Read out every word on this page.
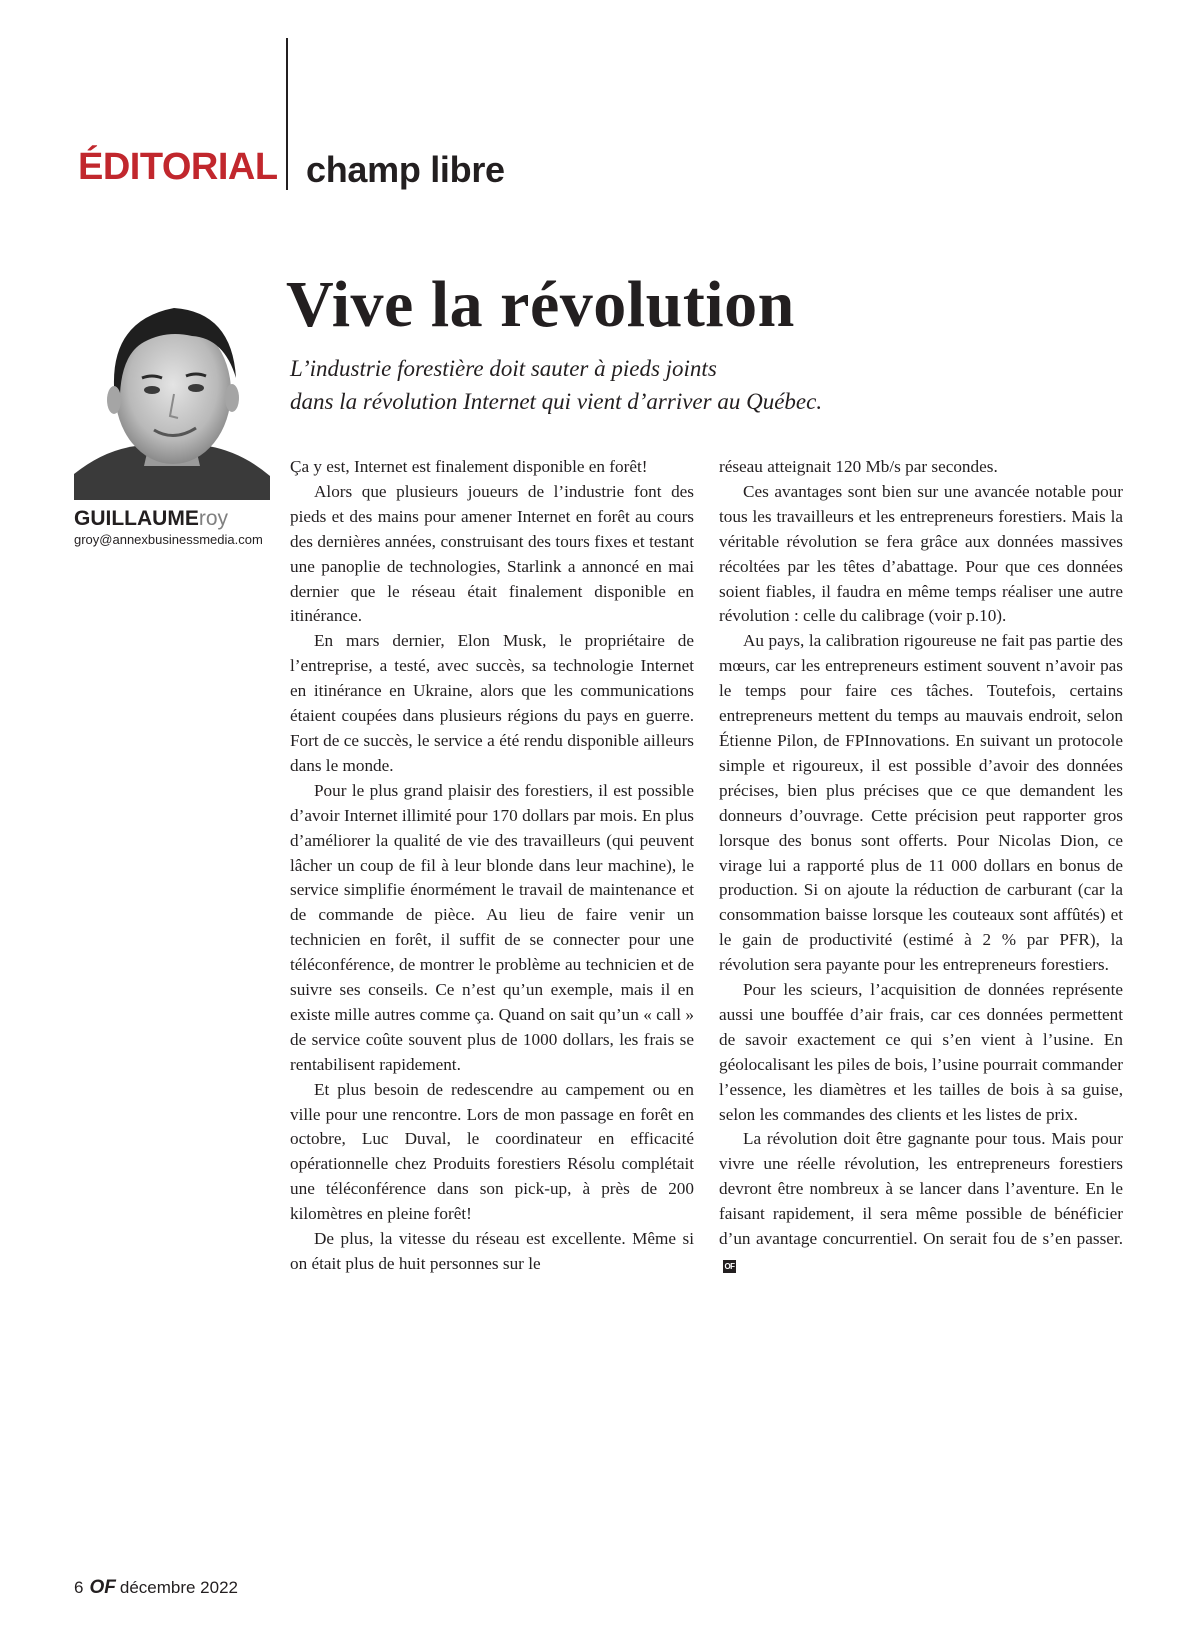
ÉDITORIAL champ libre
Vive la révolution

L’industrie forestière doit sauter à pieds joints
dans la révolution Internet qui vient d’arriver au Québec.

GUILLAUMEroy
groy@annexbusinessmedia.com

Ça y est, Internet est finalement disponible en forêt!

Alors que plusieurs joueurs de l’industrie font des pieds et des mains pour amener Internet en forêt au cours des dernières années, construisant des tours fixes et testant une panoplie de technologies, Starlink a annoncé en mai dernier que le réseau était finalement disponible en itinérance.

En mars dernier, Elon Musk, le propriétaire de l’entreprise, a testé, avec succès, sa technologie Internet en itinérance en Ukraine, alors que les communications étaient coupées dans plusieurs régions du pays en guerre. Fort de ce succès, le service a été rendu disponible ailleurs dans le monde.

Pour le plus grand plaisir des forestiers, il est possible d’avoir Internet illimité pour 170 dollars par mois. En plus d’améliorer la qualité de vie des travailleurs (qui peuvent lâcher un coup de fil à leur blonde dans leur machine), le service simplifie énormément le travail de maintenance et de commande de pièce. Au lieu de faire venir un technicien en forêt, il suffit de se connecter pour une téléconférence, de montrer le problème au technicien et de suivre ses conseils. Ce n’est qu’un exemple, mais il en existe mille autres comme ça. Quand on sait qu’un « call » de service coûte souvent plus de 1000 dollars, les frais se rentabilisent rapidement.

Et plus besoin de redescendre au campement ou en ville pour une rencontre. Lors de mon passage en forêt en octobre, Luc Duval, le coordinateur en efficacité opérationnelle chez Produits forestiers Résolu complétait une téléconférence dans son pick-up, à près de 200 kilomètres en pleine forêt!

De plus, la vitesse du réseau est excellente. Même si on était plus de huit personnes sur le

réseau atteignait 120 Mb/s par secondes.

Ces avantages sont bien sur une avancée notable pour tous les travailleurs et les entrepreneurs forestiers. Mais la véritable révolution se fera grâce aux données massives récoltées par les têtes d’abattage. Pour que ces données soient fiables, il faudra en même temps réaliser une autre révolution : celle du calibrage (voir p.10).

Au pays, la calibration rigoureuse ne fait pas partie des mœurs, car les entrepreneurs estiment souvent n’avoir pas le temps pour faire ces tâches. Toutefois, certains entrepreneurs mettent du temps au mauvais endroit, selon Étienne Pilon, de FPInnovations. En suivant un protocole simple et rigoureux, il est possible d’avoir des données précises, bien plus précises que ce que demandent les donneurs d’ouvrage. Cette précision peut rapporter gros lorsque des bonus sont offerts. Pour Nicolas Dion, ce virage lui a rapporté plus de 11 000 dollars en bonus de production. Si on ajoute la réduction de carburant (car la consommation baisse lorsque les couteaux sont affûtés) et le gain de productivité (estimé à 2 % par PFR), la révolution sera payante pour les entrepreneurs forestiers.

Pour les scieurs, l’acquisition de données représente aussi une bouffée d’air frais, car ces données permettent de savoir exactement ce qui s’en vient à l’usine. En géolocalisant les piles de bois, l’usine pourrait commander l’essence, les diamètres et les tailles de bois à sa guise, selon les commandes des clients et les listes de prix.

La révolution doit être gagnante pour tous. Mais pour vivre une réelle révolution, les entrepreneurs forestiers devront être nombreux à se lancer dans l’aventure. En le faisant rapidement, il sera même possible de bénéficier d’un avantage concurrentiel. On serait fou de s’en passer.OF

6 OF décembre 2022
